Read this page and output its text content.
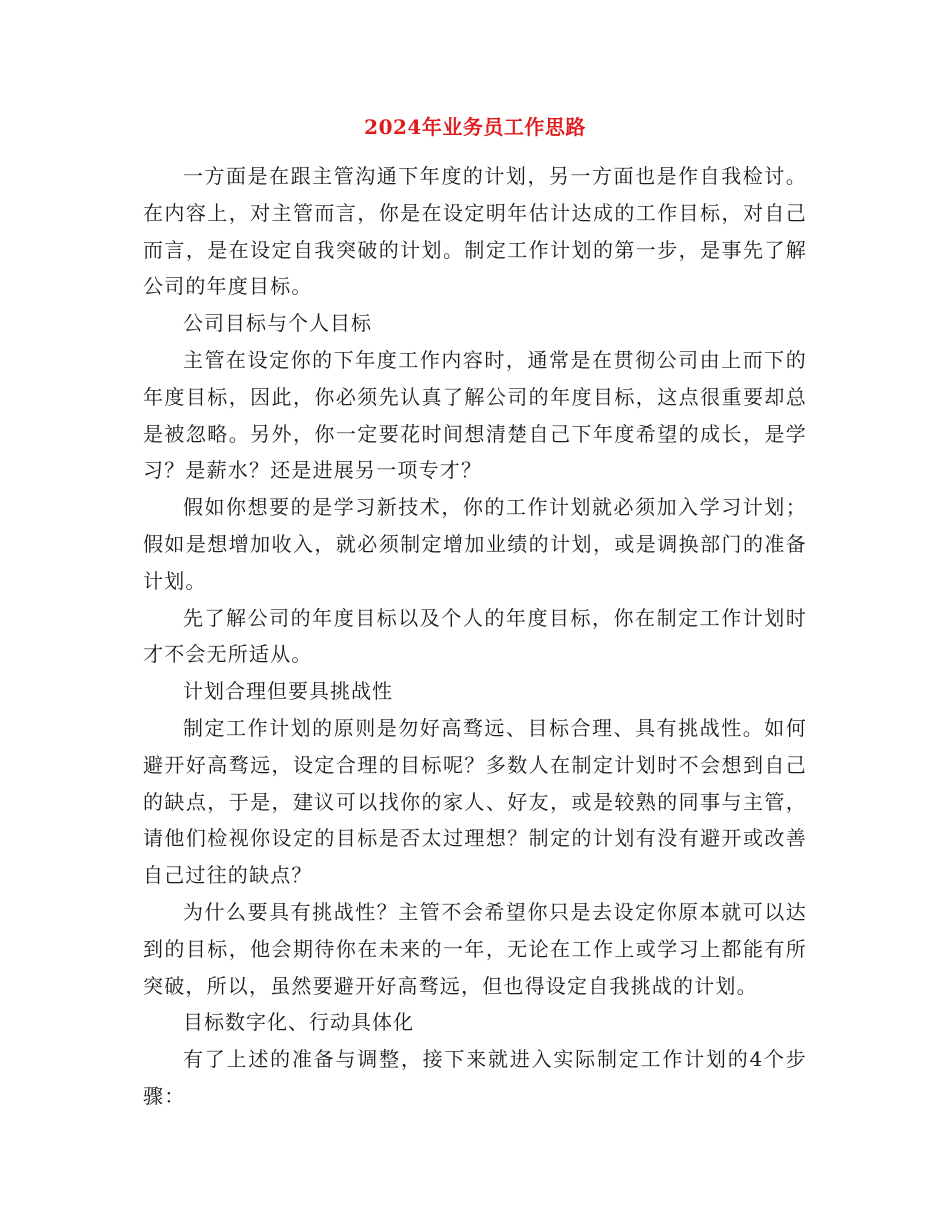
2024年业务员工作思路

一方面是在跟主管沟通下年度的计划，另一方面也是作自我检讨。在内容上，对主管而言，你是在设定明年估计达成的工作目标，对自己而言，是在设定自我突破的计划。制定工作计划的第一步，是事先了解公司的年度目标。

公司目标与个人目标

主管在设定你的下年度工作内容时，通常是在贯彻公司由上而下的年度目标，因此，你必须先认真了解公司的年度目标，这点很重要却总是被忽略。另外，你一定要花时间想清楚自己下年度希望的成长，是学习？是薪水？还是进展另一项专才？

假如你想要的是学习新技术，你的工作计划就必须加入学习计划；假如是想增加收入，就必须制定增加业绩的计划，或是调换部门的准备计划。

先了解公司的年度目标以及个人的年度目标，你在制定工作计划时才不会无所适从。

计划合理但要具挑战性

制定工作计划的原则是勿好高骛远、目标合理、具有挑战性。如何避开好高骛远，设定合理的目标呢？多数人在制定计划时不会想到自己的缺点，于是，建议可以找你的家人、好友，或是较熟的同事与主管，请他们检视你设定的目标是否太过理想？制定的计划有没有避开或改善自己过往的缺点？

为什么要具有挑战性？主管不会希望你只是去设定你原本就可以达到的目标，他会期待你在未来的一年，无论在工作上或学习上都能有所突破，所以，虽然要避开好高骛远，但也得设定自我挑战的计划。

目标数字化、行动具体化

有了上述的准备与调整，接下来就进入实际制定工作计划的4个步骤：
